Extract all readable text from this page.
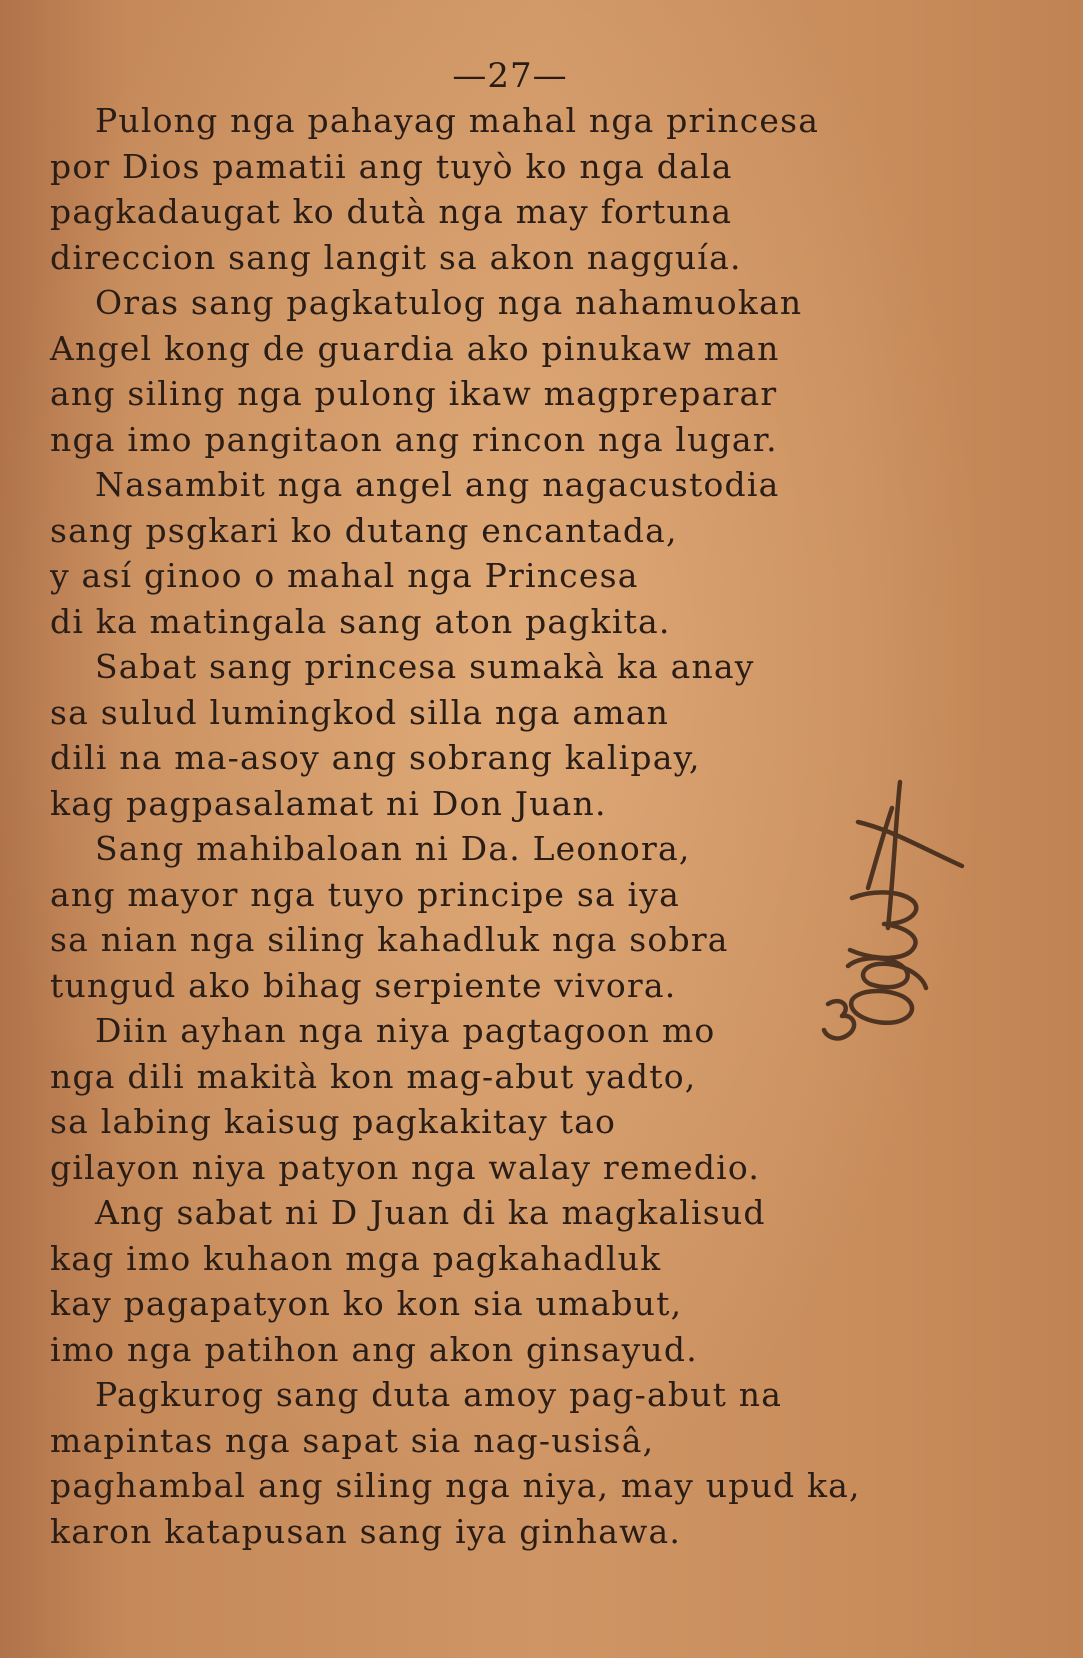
—27—
Pulong nga pahayag mahal nga princesa
por Dios pamatii ang tuyò ko nga dala
pagkadaugat ko dutà nga may fortuna
direccion sang langit sa akon nagguía.
Oras sang pagkatulog nga nahamuokan
Angel kong de guardia ako pinukaw man
ang siling nga pulong ikaw magpreparar
nga imo pangitaon ang rincon nga lugar.
Nasambit nga angel ang nagacustodia
sang psgkari ko dutang encantada,
y así ginoo o mahal nga Princesa
di ka matingala sang aton pagkita.
Sabat sang princesa sumakà ka anay
sa sulud lumingkod silla nga aman
dili na ma-asoy ang sobrang kalipay,
kag pagpasalamat ni Don Juan.
Sang mahibaloan ni Da. Leonora,
ang mayor nga tuyo principe sa iya
sa nian nga siling kahadluk nga sobra
tungud ako bihag serpiente vivora.
Diin ayhan nga niya pagtagoon mo
nga dili makità kon mag-abut yadto,
sa labing kaisug pagkakitay tao
gilayon niya patyon nga walay remedio.
Ang sabat ni D Juan di ka magkalisud
kag imo kuhaon mga pagkahadluk
kay pagapatyon ko kon sia umabut,
imo nga patihon ang akon ginsayud.
Pagkurog sang duta amoy pag-abut na
mapintas nga sapat sia nag-usisâ,
paghambal ang siling nga niya, may upud ka,
karon katapusan sang iya ginhawa.
